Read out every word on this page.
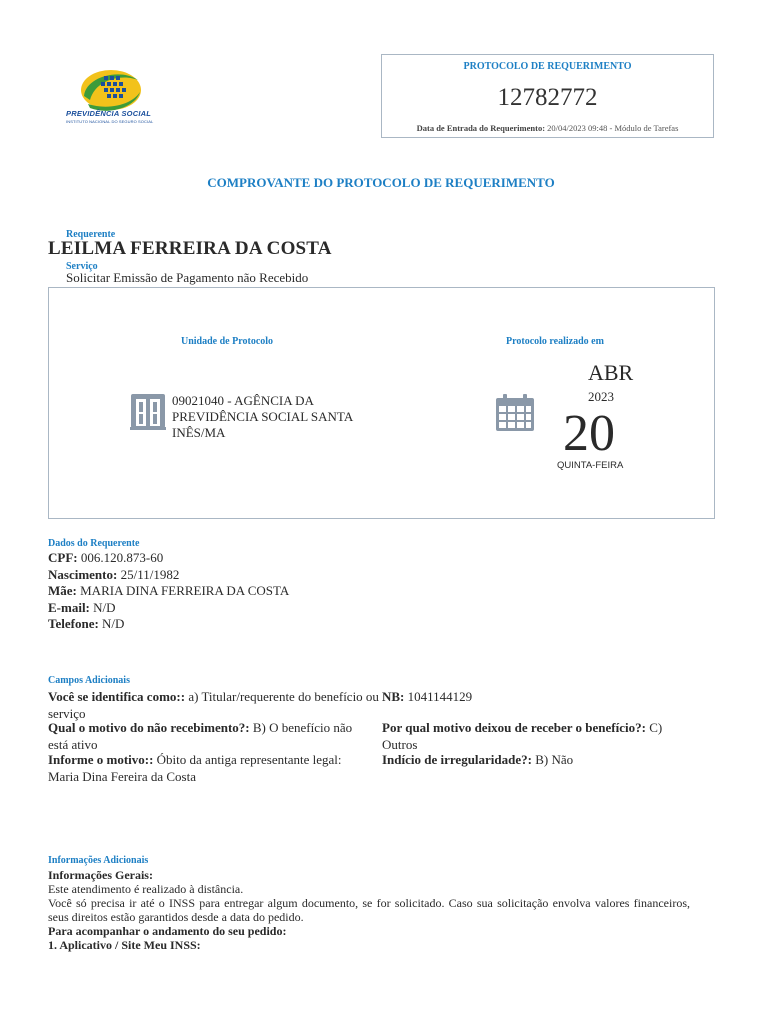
PREVIDÊNCIA SOCIAL
INSTITUTO NACIONAL DO SEGURO SOCIAL
PROTOCOLO DE REQUERIMENTO
12782772
Data de Entrada do Requerimento: 20/04/2023 09:48 - Módulo de Tarefas
COMPROVANTE DO PROTOCOLO DE REQUERIMENTO
Requerente
LEILMA FERREIRA DA COSTA
Serviço
Solicitar Emissão de Pagamento não Recebido
Unidade de Protocolo	Protocolo realizado em
09021040 - AGÊNCIA DA PREVIDÊNCIA SOCIAL SANTA INÊS/MA
ABR
2023
20
QUINTA-FEIRA
Dados do Requerente
CPF: 006.120.873-60
Nascimento: 25/11/1982
Mãe: MARIA DINA FERREIRA DA COSTA
E-mail: N/D
Telefone: N/D
Campos Adicionais
Você se identifica como:: a) Titular/requerente do benefício ou serviço
NB: 1041144129
Qual o motivo do não recebimento?: B) O benefício não está ativo
Por qual motivo deixou de receber o benefício?: C) Outros
Informe o motivo:: Óbito da antiga representante legal: Maria Dina Fereira da Costa
Indício de irregularidade?: B) Não
Informações Adicionais
Informações Gerais:
Este atendimento é realizado à distância.
Você só precisa ir até o INSS para entregar algum documento, se for solicitado. Caso sua solicitação envolva valores financeiros, seus direitos estão garantidos desde a data do pedido.
Para acompanhar o andamento do seu pedido:
1. Aplicativo / Site Meu INSS:
